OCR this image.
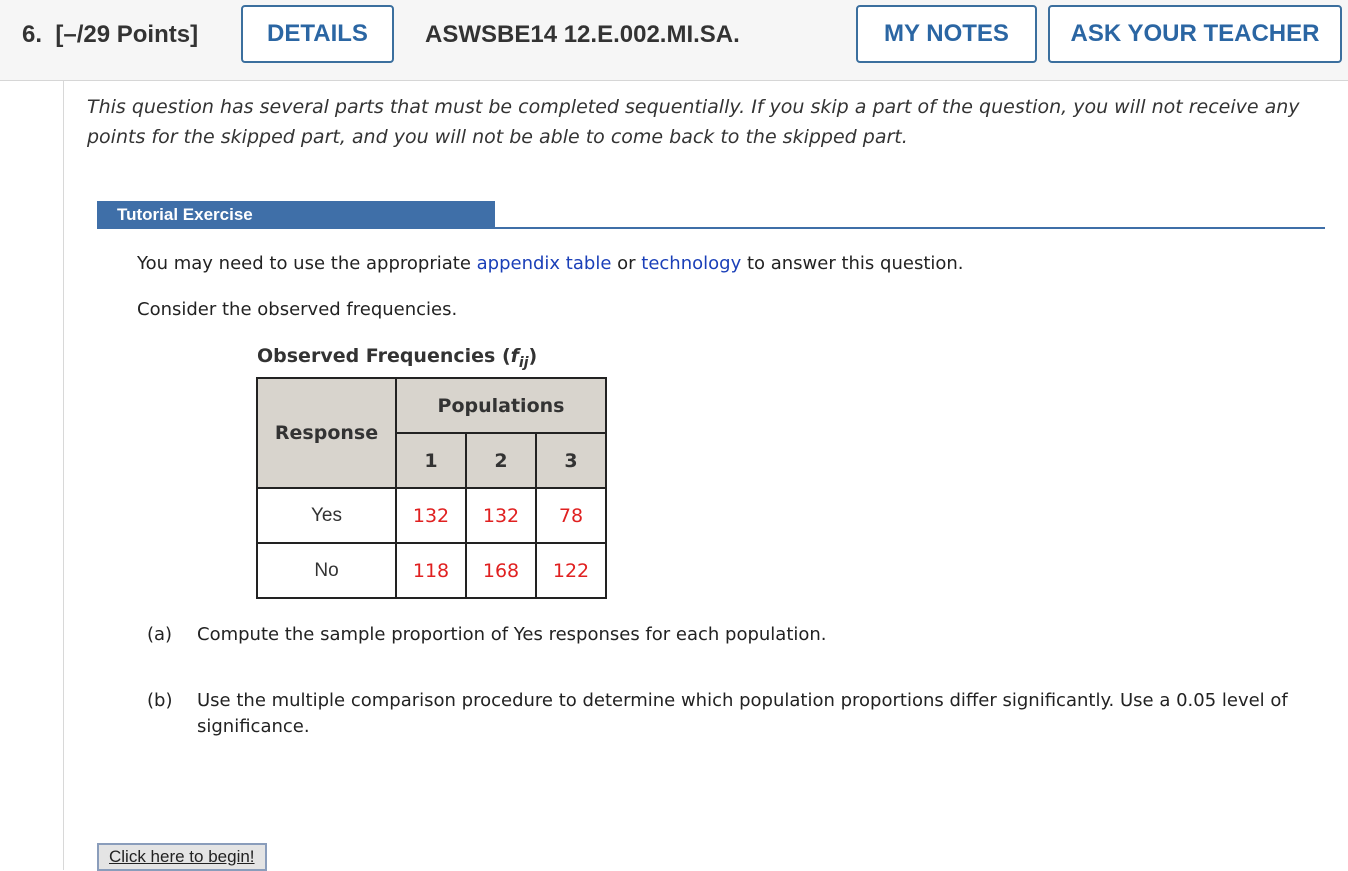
6. [–/29 Points]	DETAILS	ASWSBE14 12.E.002.MI.SA.	MY NOTES	ASK YOUR TEACHER
This question has several parts that must be completed sequentially. If you skip a part of the question, you will not receive any points for the skipped part, and you will not be able to come back to the skipped part.
Tutorial Exercise
You may need to use the appropriate appendix table or technology to answer this question.
Consider the observed frequencies.
Observed Frequencies $(f_{ij})$
Response	Populations		
	1	2	3
Yes	132	132	78
No	118	168	122
(a) Compute the sample proportion of Yes responses for each population.
(b) Use the multiple comparison procedure to determine which population proportions differ significantly. Use a 0.05 level of significance.
Click here to begin!
